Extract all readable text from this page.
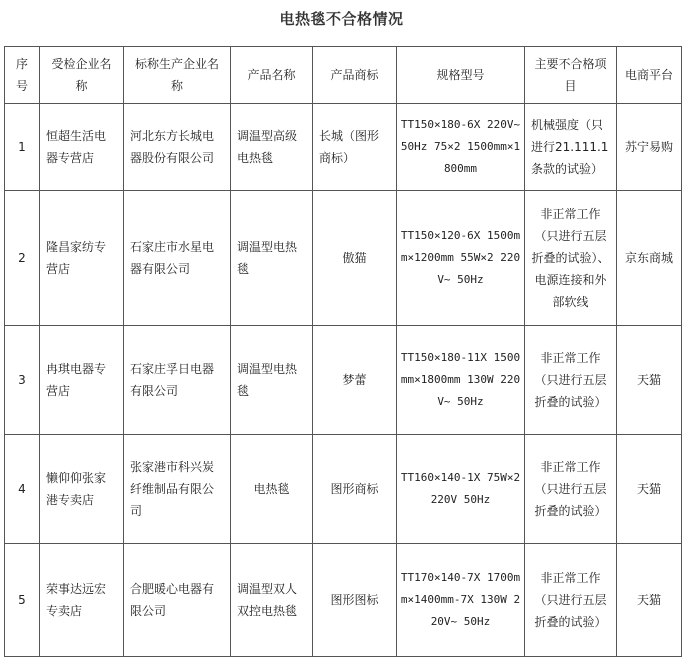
电热毯不合格情况
序号	受检企业名称	标称生产企业名称	产品名称	产品商标	规格型号	主要不合格项目	电商平台
1	恒超生活电器专营店	河北东方长城电器股份有限公司	调温型高级电热毯	长城（图形商标）	TT150×180-6X 220V~50Hz 75×2 1500mm×1800mm	机械强度（只进行21.111.1条款的试验）	苏宁易购
2	隆昌家纺专营店	石家庄市水星电器有限公司	调温型电热毯	傲猫	TT150×120-6X 1500mm×1200mm 55W×2 220V~ 50Hz	非正常工作（只进行五层折叠的试验）、电源连接和外部软线	京东商城
3	冉琪电器专营店	石家庄孚日电器有限公司	调温型电热毯	梦蕾	TT150×180-11X 1500mm×1800mm 130W 220V~ 50Hz	非正常工作（只进行五层折叠的试验）	天猫
4	懒仰仰张家港专卖店	张家港市科兴炭纤维制品有限公司	电热毯	图形商标	TT160×140-1X 75W×2 220V 50Hz	非正常工作（只进行五层折叠的试验）	天猫
5	荣事达远宏专卖店	合肥暖心电器有限公司	调温型双人双控电热毯	图形图标	TT170×140-7X 1700mm×1400mm-7X 130W 220V~ 50Hz	非正常工作（只进行五层折叠的试验）	天猫
